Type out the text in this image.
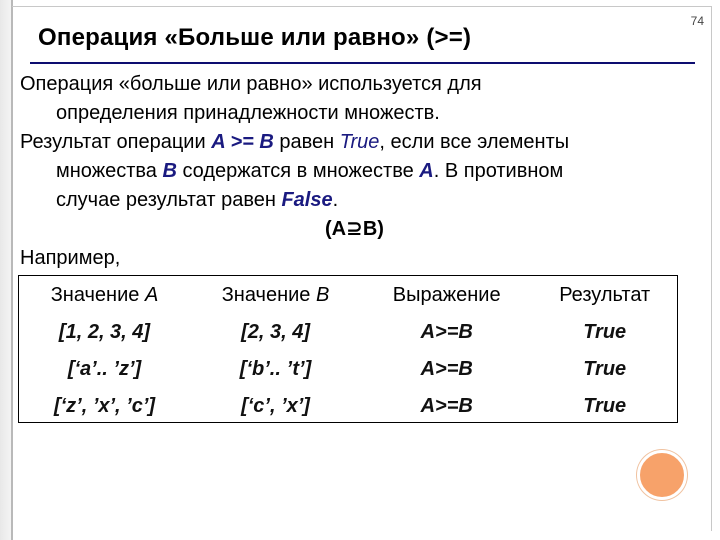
74
Операция «Больше или равно» (>=)
Операция «больше или равно» используется для
определения принадлежности множеств.
Результат операции A >= B равен True, если все элементы
множества B содержатся в множестве A. В противном
случае результат равен False.
(A⊇B)
Например,
Значение A	Значение B	Выражение	Результат
[1, 2, 3, 4]	[2, 3, 4]	A>=B	True
[‘a’.. ’z’]	[‘b’.. ’t’]	A>=B	True
[‘z’, ’x’, ’c’]	[‘c’, ’x’]	A>=B	True
